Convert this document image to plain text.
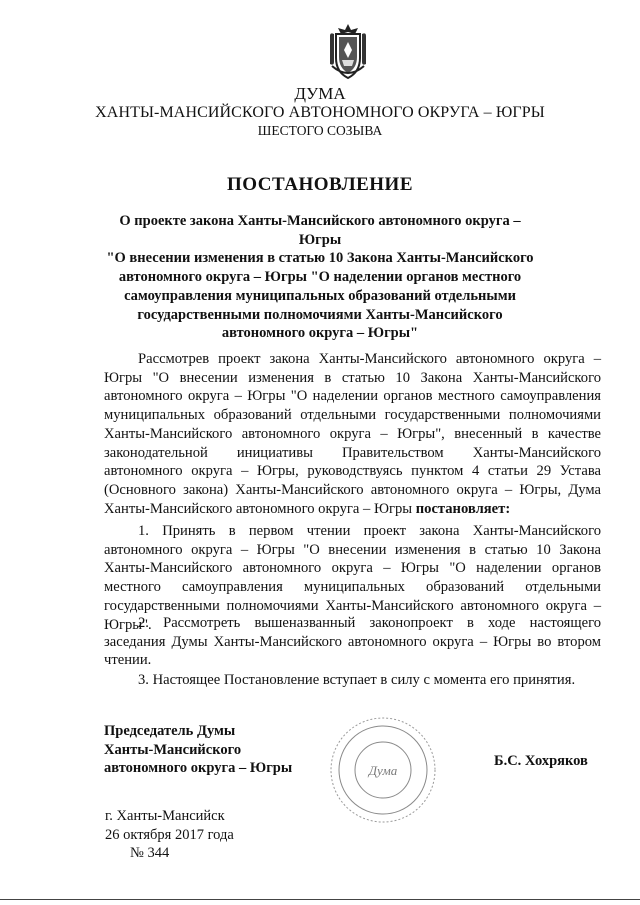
ДУМА
ХАНТЫ-МАНСИЙСКОГО АВТОНОМНОГО ОКРУГА – ЮГРЫ
ШЕСТОГО СОЗЫВА
ПОСТАНОВЛЕНИЕ
О проекте закона Ханты-Мансийского автономного округа – Югры
"О внесении изменения в статью 10 Закона Ханты-Мансийского
автономного округа – Югры "О наделении органов местного
самоуправления муниципальных образований отдельными
государственными полномочиями Ханты-Мансийского
автономного округа – Югры"
Рассмотрев проект закона Ханты-Мансийского автономного округа – Югры "О внесении изменения в статью 10 Закона Ханты-Мансийского автономного округа – Югры "О наделении органов местного самоуправления муниципальных образований отдельными государственными полномочиями Ханты-Мансийского автономного округа – Югры", внесенный в качестве законодательной инициативы Правительством Ханты-Мансийского автономного округа – Югры, руководствуясь пунктом 4 статьи 29 Устава (Основного закона) Ханты-Мансийского автономного округа – Югры, Дума Ханты-Мансийского автономного округа – Югры постановляет:
1. Принять в первом чтении проект закона Ханты-Мансийского автономного округа – Югры "О внесении изменения в статью 10 Закона Ханты-Мансийского автономного округа – Югры "О наделении органов местного самоуправления муниципальных образований отдельными государственными полномочиями Ханты-Мансийского автономного округа – Югры".
2. Рассмотреть вышеназванный законопроект в ходе настоящего заседания Думы Ханты-Мансийского автономного округа – Югры во втором чтении.
3. Настоящее Постановление вступает в силу с момента его принятия.
Председатель Думы
Ханты-Мансийского
автономного округа – Югры	Дума
Б.С. Хохряков
г. Ханты-Мансийск
26 октября 2017 года
№ 344
